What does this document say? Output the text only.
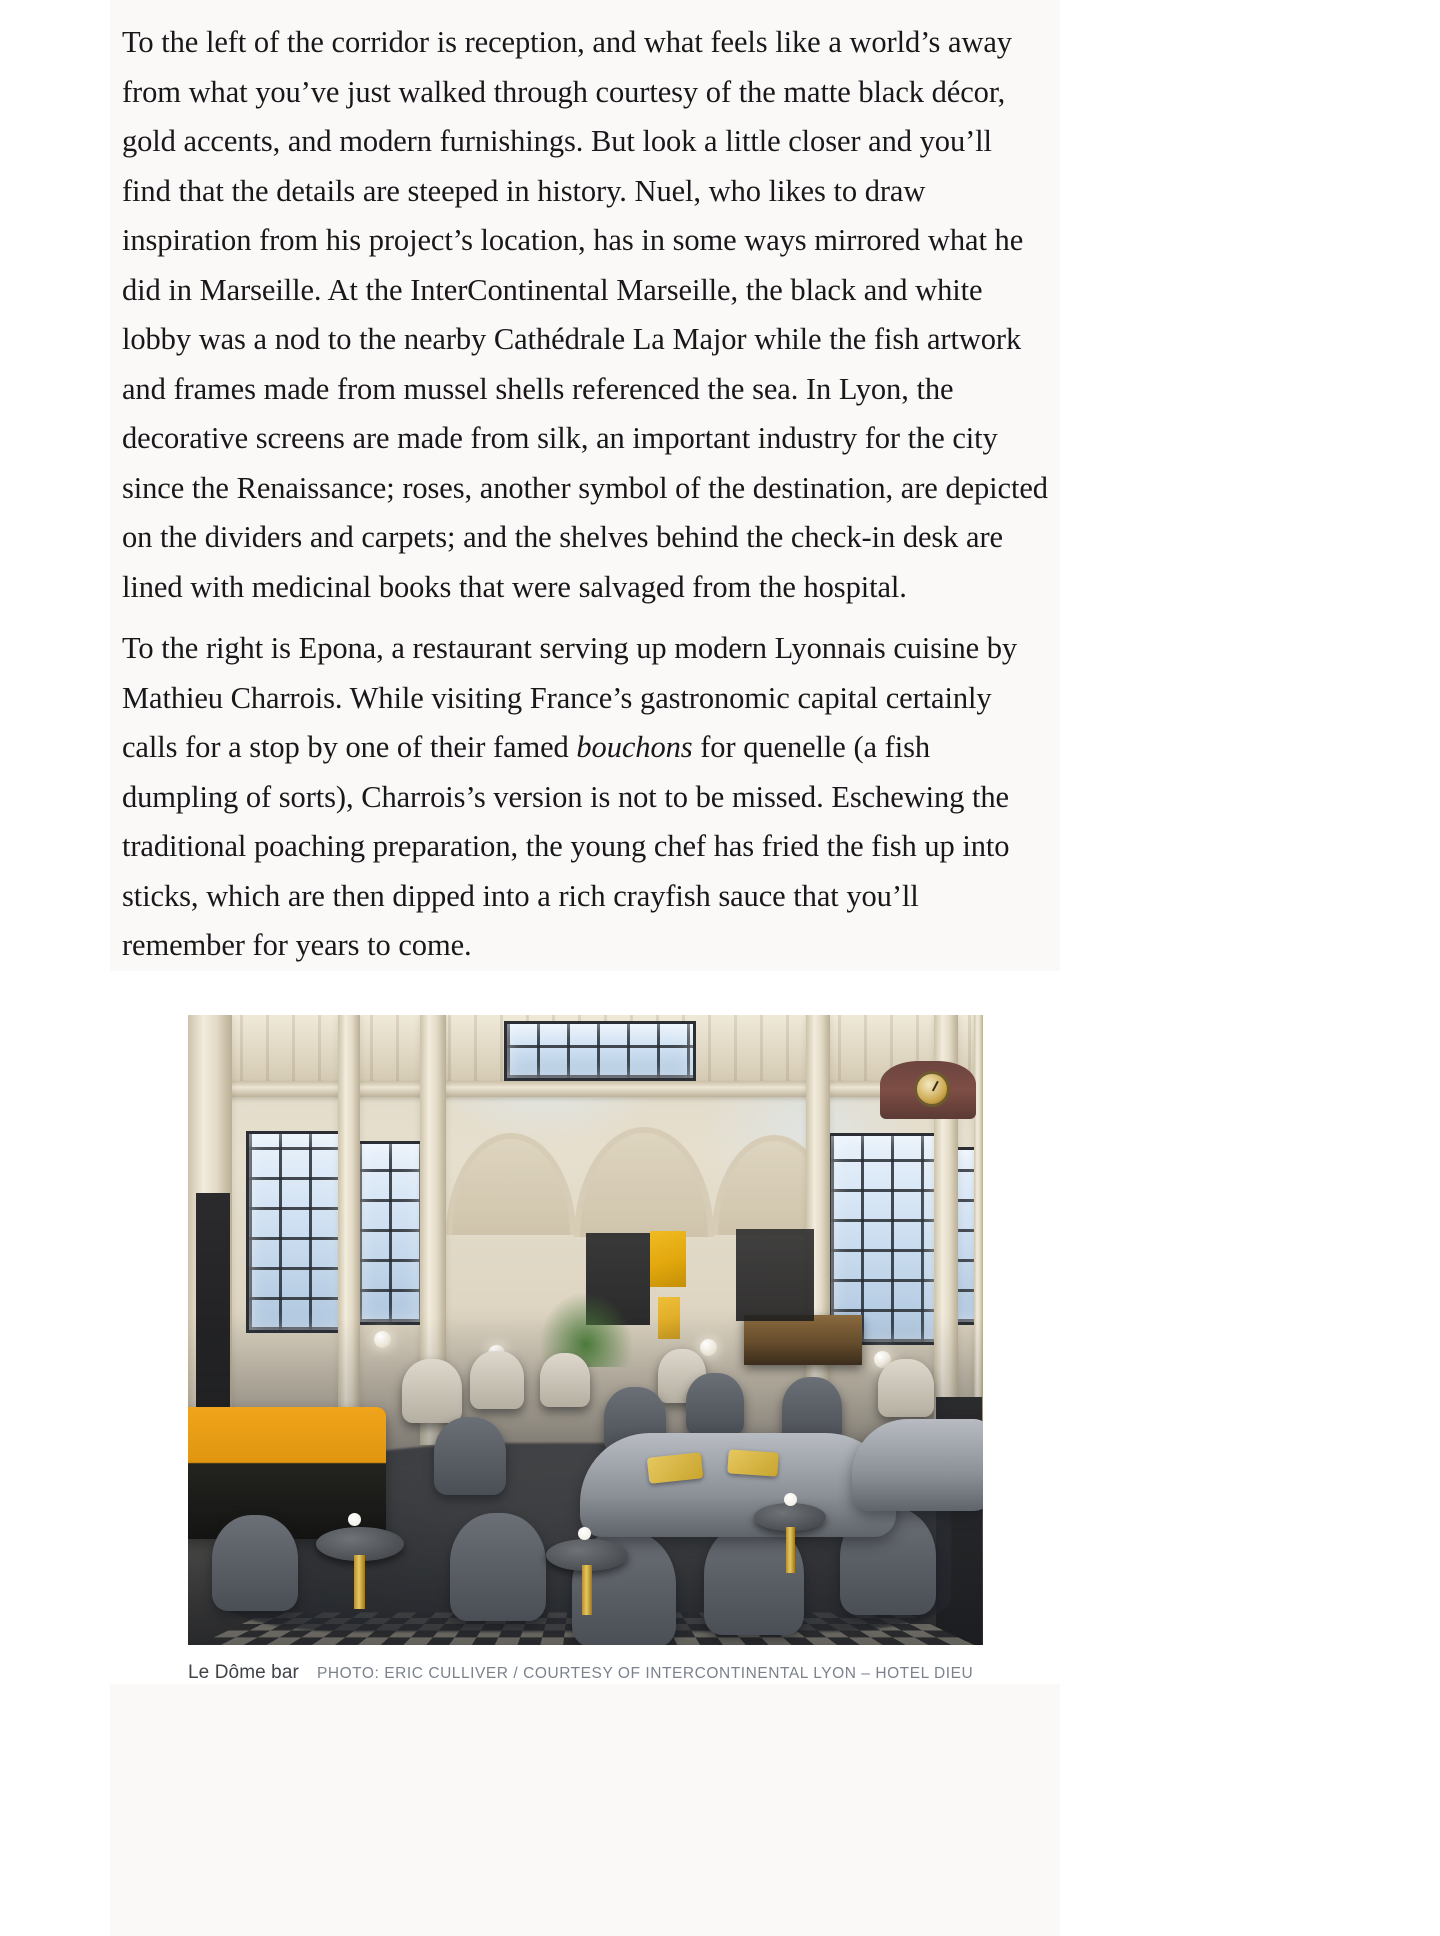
To the left of the corridor is reception, and what feels like a world’s away from what you’ve just walked through courtesy of the matte black décor, gold accents, and modern furnishings. But look a little closer and you’ll find that the details are steeped in history. Nuel, who likes to draw inspiration from his project’s location, has in some ways mirrored what he did in Marseille. At the InterContinental Marseille, the black and white lobby was a nod to the nearby Cathédrale La Major while the fish artwork and frames made from mussel shells referenced the sea. In Lyon, the decorative screens are made from silk, an important industry for the city since the Renaissance; roses, another symbol of the destination, are depicted on the dividers and carpets; and the shelves behind the check-in desk are lined with medicinal books that were salvaged from the hospital.

To the right is Epona, a restaurant serving up modern Lyonnais cuisine by Mathieu Charrois. While visiting France’s gastronomic capital certainly calls for a stop by one of their famed bouchons for quenelle (a fish dumpling of sorts), Charrois’s version is not to be missed. Eschewing the traditional poaching preparation, the young chef has fried the fish up into sticks, which are then dipped into a rich crayfish sauce that you’ll remember for years to come.

Le Dôme bar PHOTO: ERIC CULLIVER / COURTESY OF INTERCONTINENTAL LYON – HOTEL DIEU
